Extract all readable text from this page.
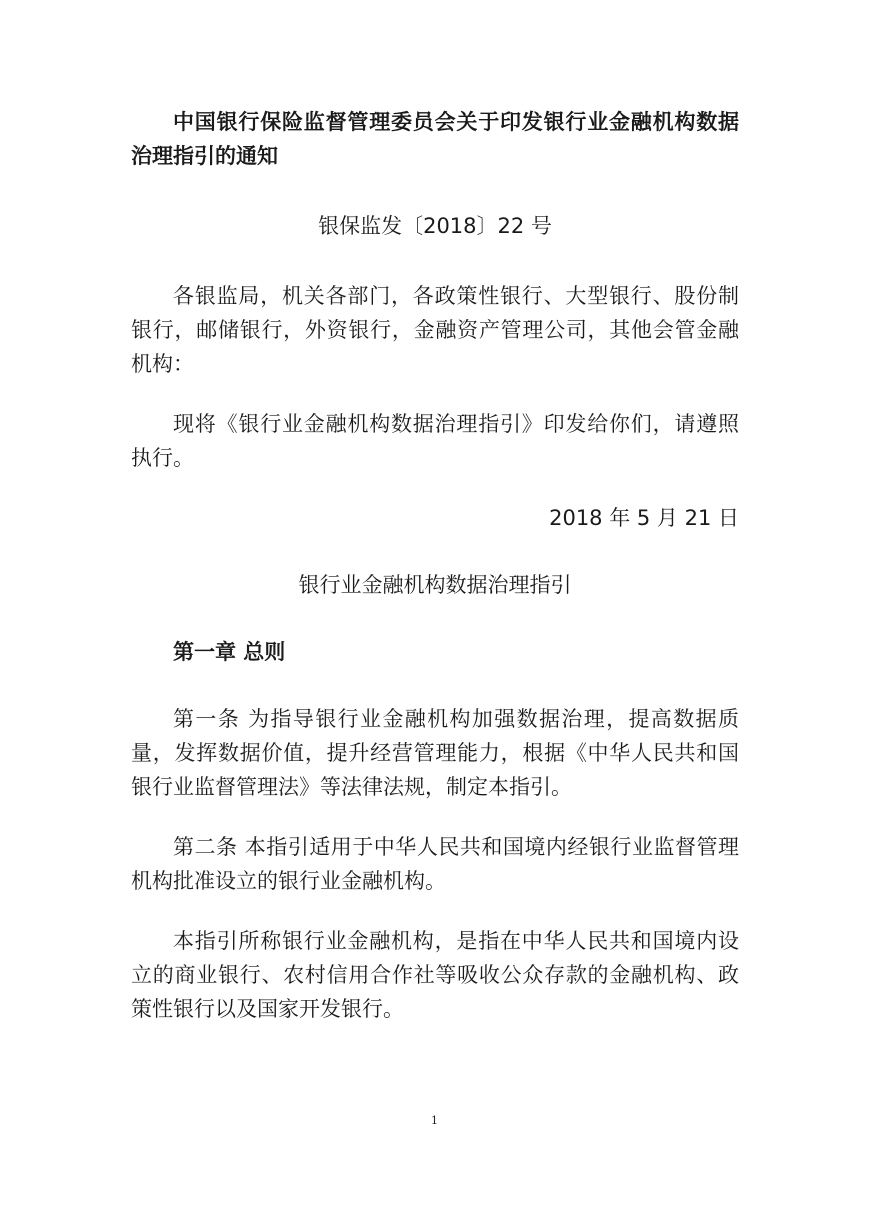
中国银行保险监督管理委员会关于印发银行业金融机构数据治理指引的通知

银保监发〔2018〕22 号

各银监局，机关各部门，各政策性银行、大型银行、股份制银行，邮储银行，外资银行，金融资产管理公司，其他会管金融机构：

现将《银行业金融机构数据治理指引》印发给你们，请遵照执行。

2018 年 5 月 21 日

银行业金融机构数据治理指引

第一章 总则

第一条 为指导银行业金融机构加强数据治理，提高数据质量，发挥数据价值，提升经营管理能力，根据《中华人民共和国银行业监督管理法》等法律法规，制定本指引。

第二条 本指引适用于中华人民共和国境内经银行业监督管理机构批准设立的银行业金融机构。

本指引所称银行业金融机构，是指在中华人民共和国境内设立的商业银行、农村信用合作社等吸收公众存款的金融机构、政策性银行以及国家开发银行。

1
